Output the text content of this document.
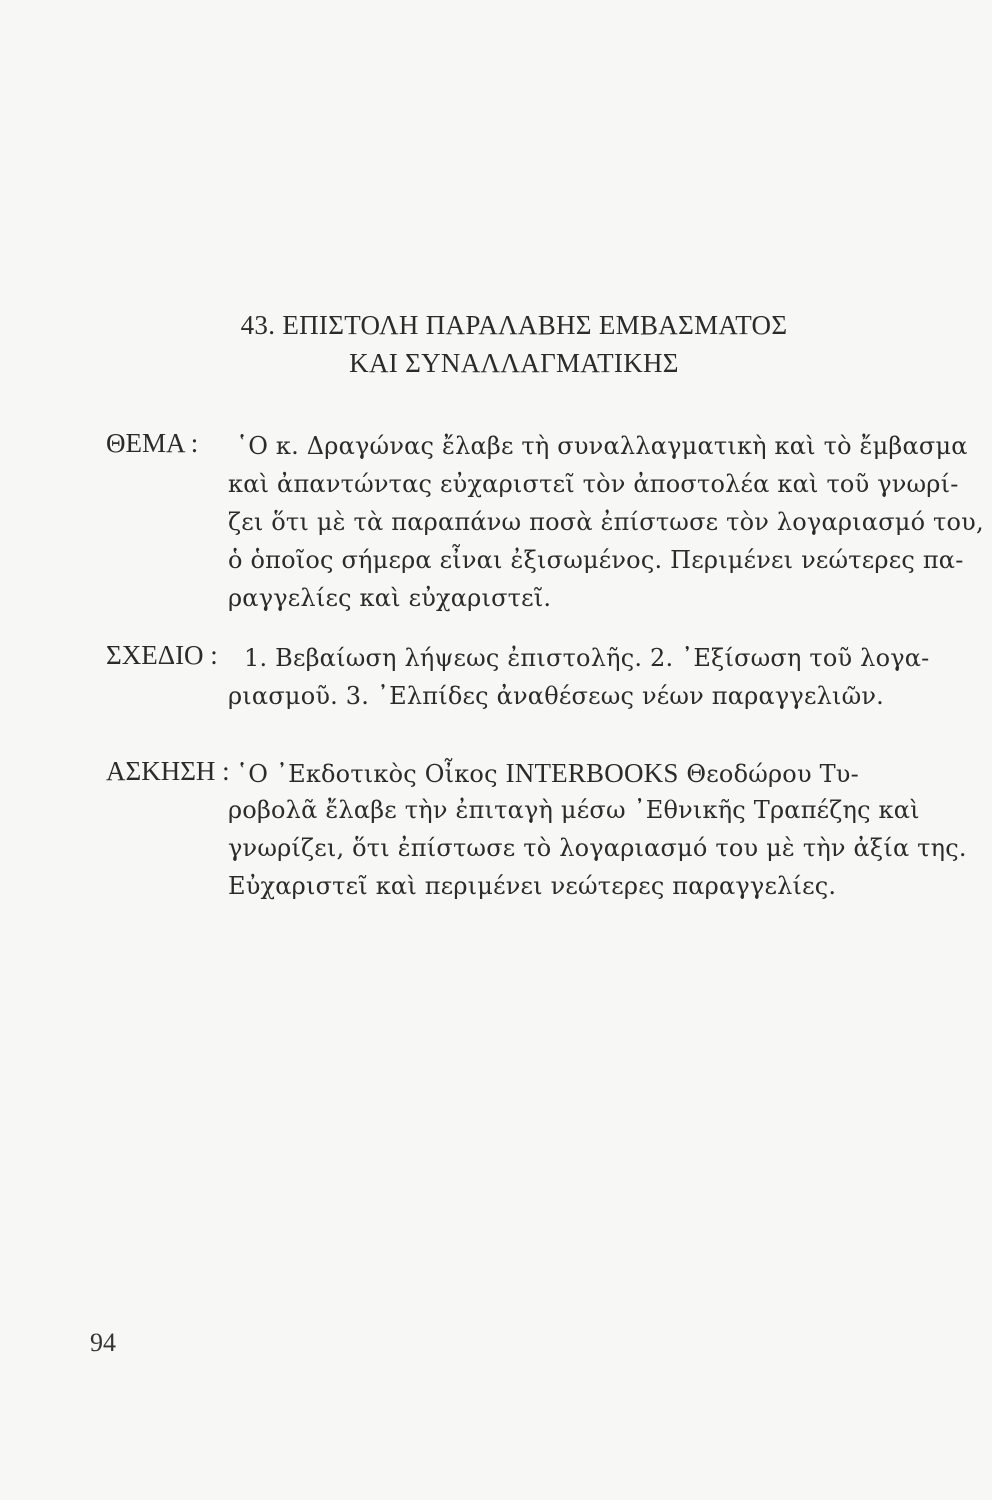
43. ΕΠΙΣΤΟΛΗ ΠΑΡΑΛΑΒΗΣ ΕΜΒΑΣΜΑΤΟΣ
ΚΑΙ ΣΥΝΑΛΛΑΓΜΑΤΙΚΗΣ
ΘΕΜΑ : ῾Ο κ. Δραγώνας ἔλαβε τὴ συναλλαγματικὴ καὶ τὸ ἔμβασμα
καὶ ἀπαντώντας εὐχαριστεῖ τὸν ἀποστολέα καὶ τοῦ γνωρί-
ζει ὅτι μὲ τὰ παραπάνω ποσὰ ἐπίστωσε τὸν λογαριασμό του,
ὁ ὁποῖος σήμερα εἶναι ἐξισωμένος. Περιμένει νεώτερες πα-
ραγγελίες καὶ εὐχαριστεῖ.
ΣΧΕΔΙΟ : 1. Βεβαίωση λήψεως ἐπιστολῆς. 2. ᾿Εξίσωση τοῦ λογα-
ριασμοῦ. 3. ᾿Ελπίδες ἀναθέσεως νέων παραγγελιῶν.
ΑΣΚΗΣΗ : ῾Ο ᾿Εκδοτικὸς Οἶκος INTERBOOKS Θεοδώρου Τυ-
ροβολᾶ ἔλαβε τὴν ἐπιταγὴ μέσω ᾿Εθνικῆς Τραπέζης καὶ
γνωρίζει, ὅτι ἐπίστωσε τὸ λογαριασμό του μὲ τὴν ἀξία της.
Εὐχαριστεῖ καὶ περιμένει νεώτερες παραγγελίες.
94
